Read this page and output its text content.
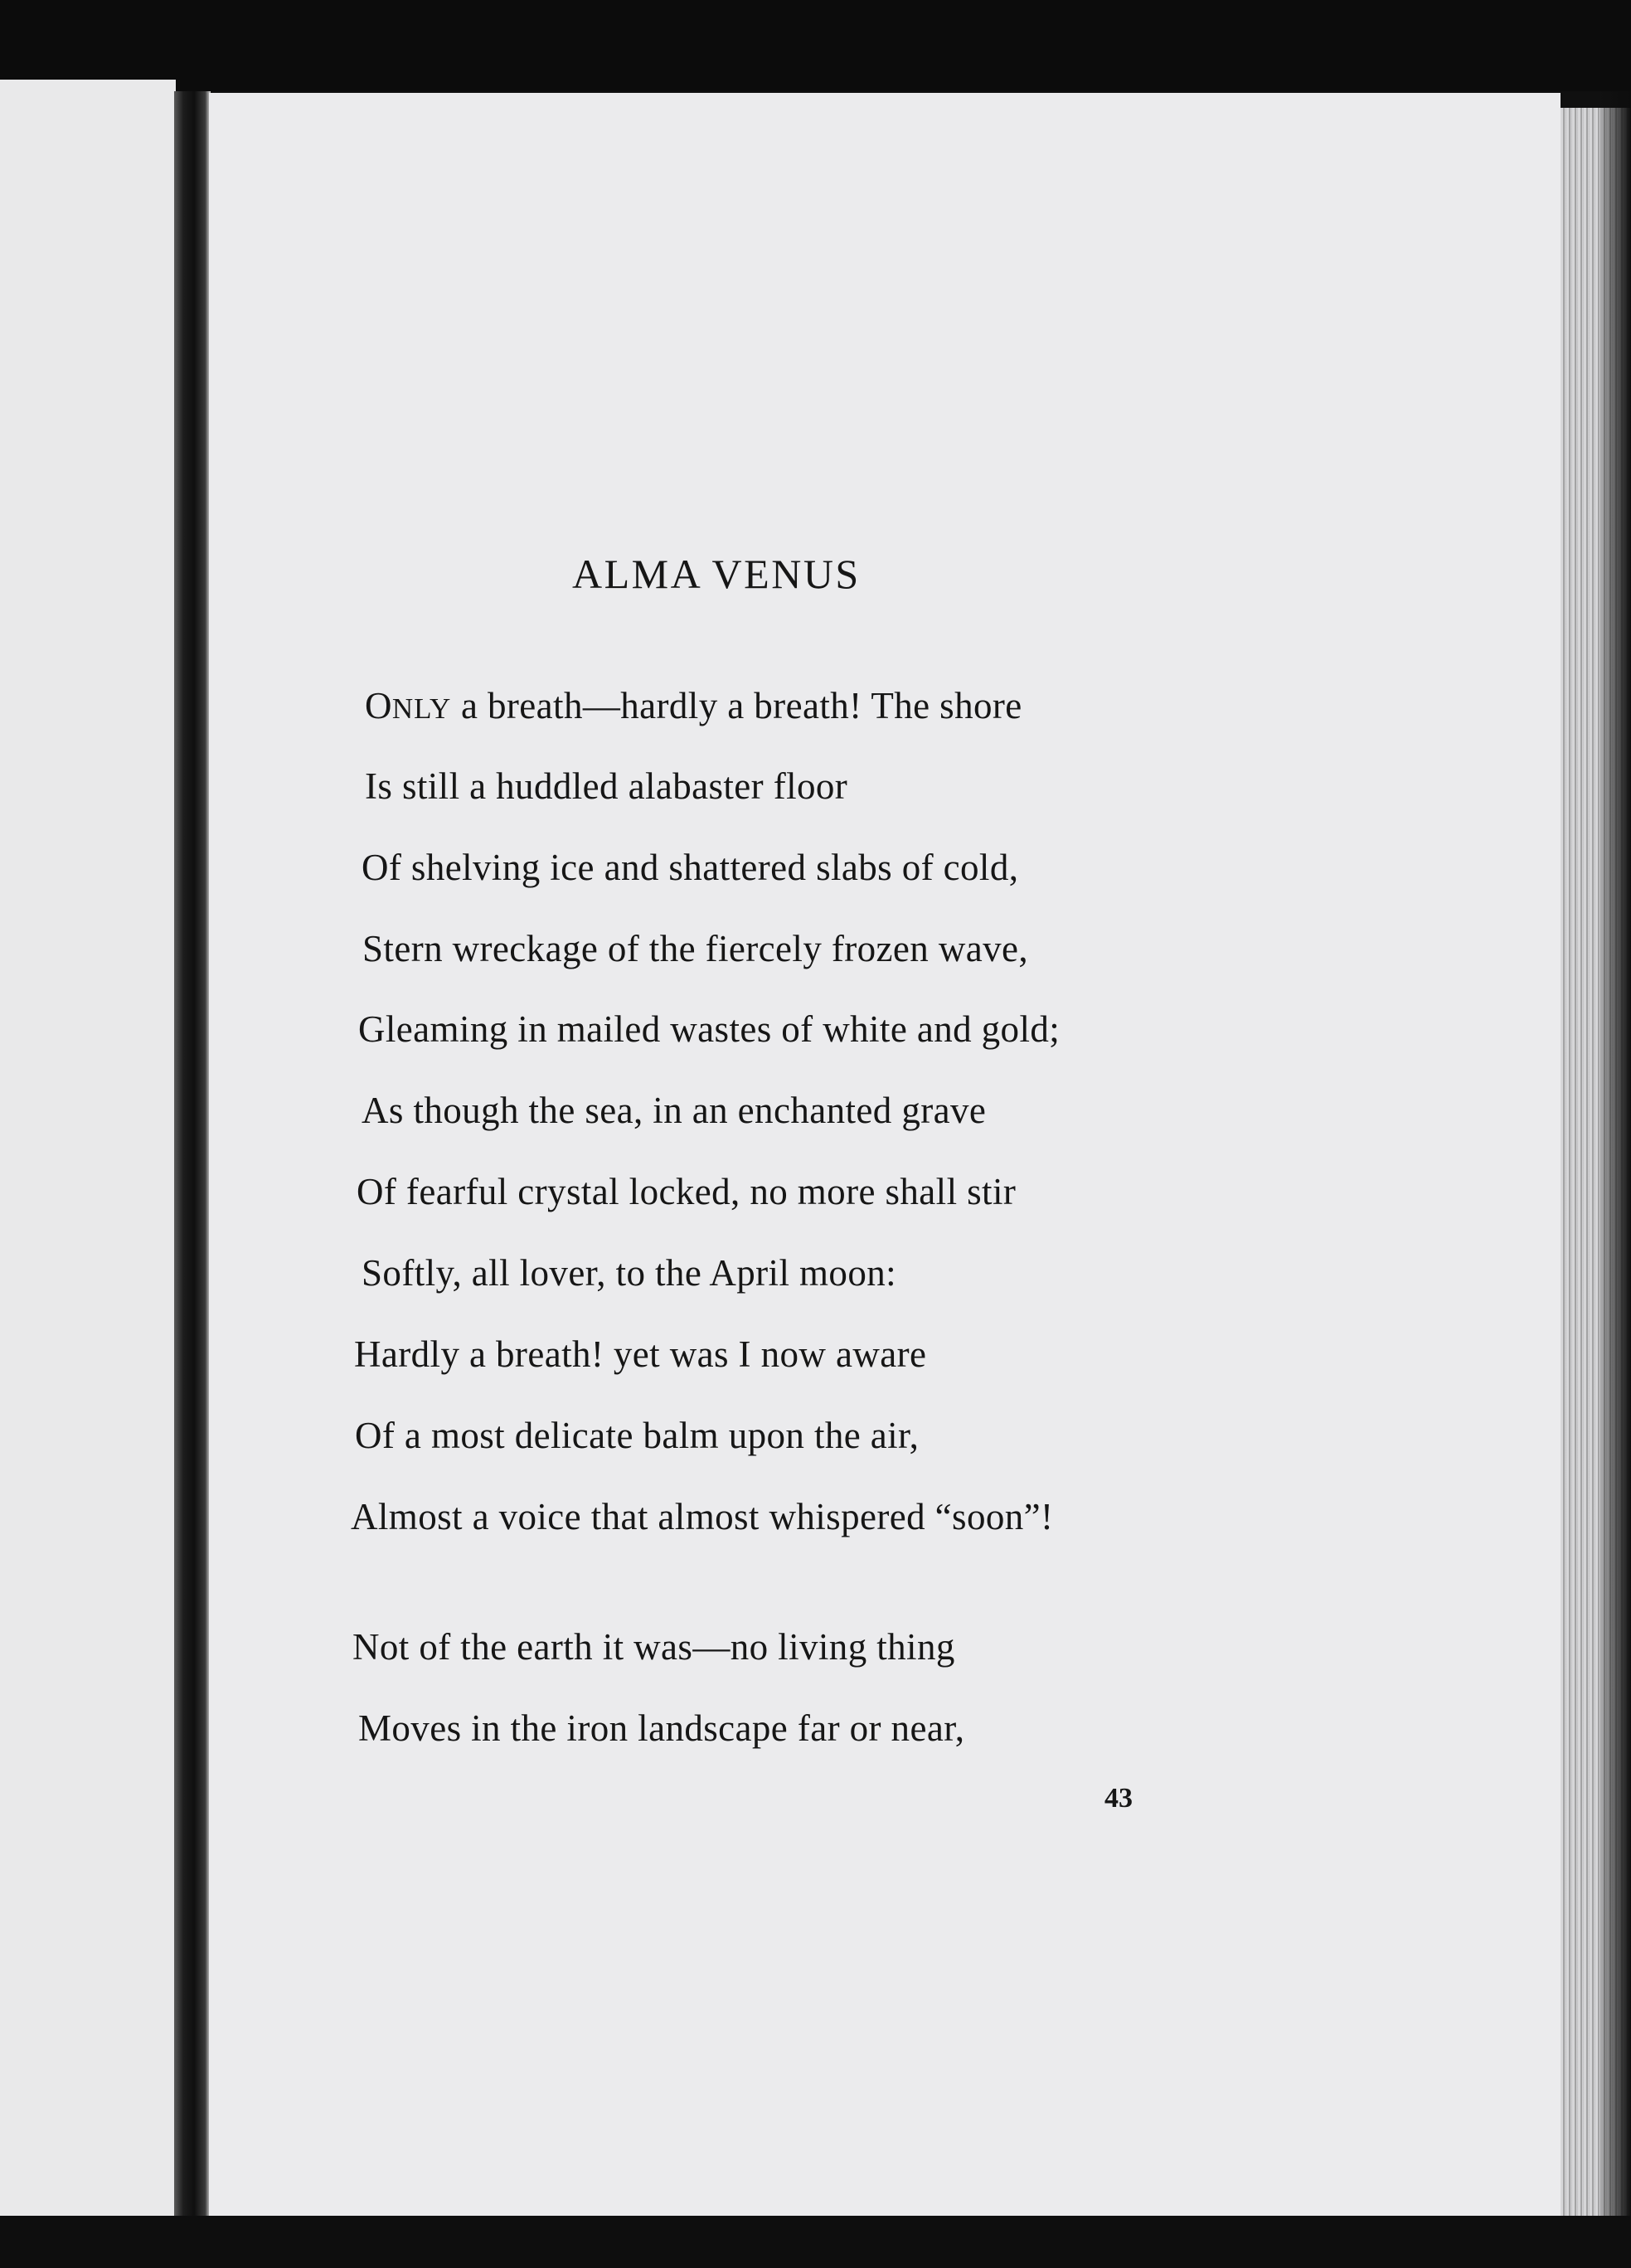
ALMA VENUS
ONLY a breath—hardly a breath! The shore
Is still a huddled alabaster floor
Of shelving ice and shattered slabs of cold,
Stern wreckage of the fiercely frozen wave,
Gleaming in mailed wastes of white and gold;
As though the sea, in an enchanted grave
Of fearful crystal locked, no more shall stir
Softly, all lover, to the April moon:
Hardly a breath! yet was I now aware
Of a most delicate balm upon the air,
Almost a voice that almost whispered “soon”!
Not of the earth it was—no living thing
Moves in the iron landscape far or near,
43
